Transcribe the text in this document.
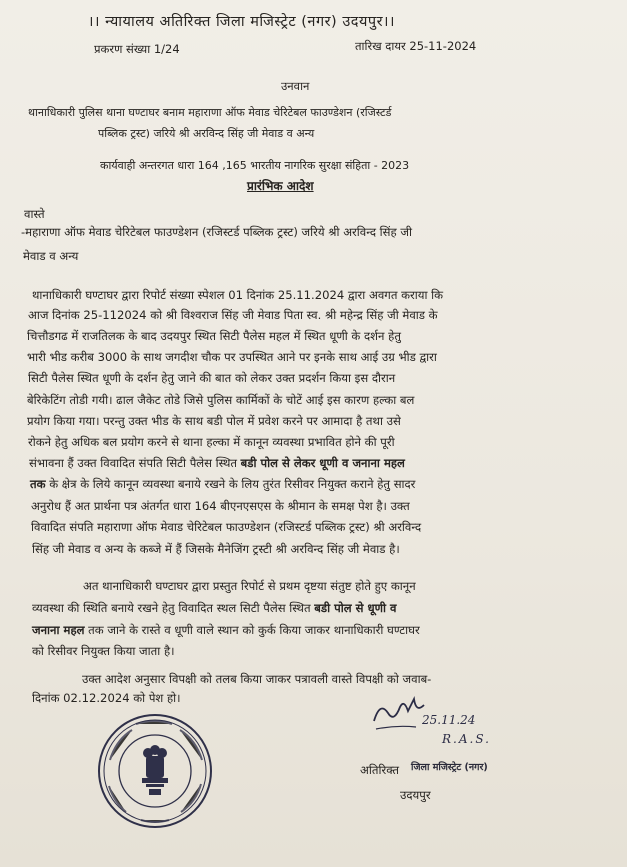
।। न्यायालय अतिरिक्त जिला मजिस्ट्रेट (नगर) उदयपुर।।
प्रकरण संख्या 1/24	तारिख दायर 25-11-2024
उनवान
थानाधिकारी पुलिस थाना घण्टाघर बनाम महाराणा ऑफ मेवाड चेरिटेबल फाउण्डेशन (रजिस्टर्ड
पब्लिक ट्रस्ट) जरिये श्री अरविन्द सिंह जी मेवाड व अन्य
कार्यवाही अन्तरगत धारा 164 ,165 भारतीय नागरिक सुरक्षा संहिता - 2023
प्रारंभिक आदेश
वास्ते
-महाराणा ऑफ मेवाड चेरिटेबल फाउण्डेशन (रजिस्टर्ड पब्लिक ट्रस्ट) जरिये श्री अरविन्द सिंह जी
मेवाड व अन्य
थानाधिकारी घण्टाघर द्वारा रिपोर्ट संख्या स्पेशल 01 दिनांक 25.11.2024 द्वारा अवगत कराया कि
आज दिनांक 25-112024 को श्री विश्वराज सिंह जी मेवाड पिता स्व. श्री महेन्द्र सिंह जी मेवाड के
चित्तौडगढ में राजतिलक के बाद उदयपुर स्थित सिटी पैलेस महल में स्थित धूणी के दर्शन हेतु
भारी भीड करीब 3000 के साथ जगदीश चौक पर उपस्थित आने पर इनके साथ आई उग्र भीड द्वारा
सिटी पैलेस स्थित धूणी के दर्शन हेतु जाने की बात को लेकर उक्त प्रदर्शन किया इस दौरान
बेरिकेटिंग तोडी गयी। ढाल जैकेट तोडे जिसे पुलिस कार्मिकों के चोटें आई इस कारण हल्का बल
प्रयोग किया गया। परन्तु उक्त भीड के साथ बडी पोल में प्रवेश करने पर आमादा है तथा उसे
रोकने हेतु अधिक बल प्रयोग करने से थाना हल्का में कानून व्यवस्था प्रभावित होने की पूरी
संभावना हैं उक्त विवादित संपति सिटी पैलेस स्थित बडी पोल से लेकर धूणी व जनाना महल
तक के क्षेत्र के लिये कानून व्यवस्था बनाये रखने के लिय तुरंत रिसीवर नियुक्त कराने हेतु सादर
अनुरोध हैं अत प्रार्थना पत्र अंतर्गत धारा 164 बीएनएसएस के श्रीमान के समक्ष पेश है। उक्त
विवादित संपति महाराणा ऑफ मेवाड चेरिटेबल फाउण्डेशन (रजिस्टर्ड पब्लिक ट्रस्ट) श्री अरविन्द
सिंह जी मेवाड व अन्य के कब्जे में हैं जिसके मैनेजिंग ट्रस्टी श्री अरविन्द सिंह जी मेवाड है।
अत थानाधिकारी घण्टाघर द्वारा प्रस्तुत रिपोर्ट से प्रथम दृष्टया संतुष्ट होते हुए कानून
व्यवस्था की स्थिति बनाये रखने हेतु विवादित स्थल सिटी पैलेस स्थित बडी पोल से धूणी व
जनाना महल तक जाने के रास्ते व धूणी वाले स्थान को कुर्क किया जाकर थानाधिकारी घण्टाघर
को रिसीवर नियुक्त किया जाता है।
उक्त आदेश अनुसार विपक्षी को तलब किया जाकर पत्रावली वास्ते विपक्षी को जवाब-
दिनांक 02.12.2024 को पेश हो।
25.11.24
R.A.S.
अतिरिक्त जिला मजिस्ट्रेट (नगर)
उदयपुर
